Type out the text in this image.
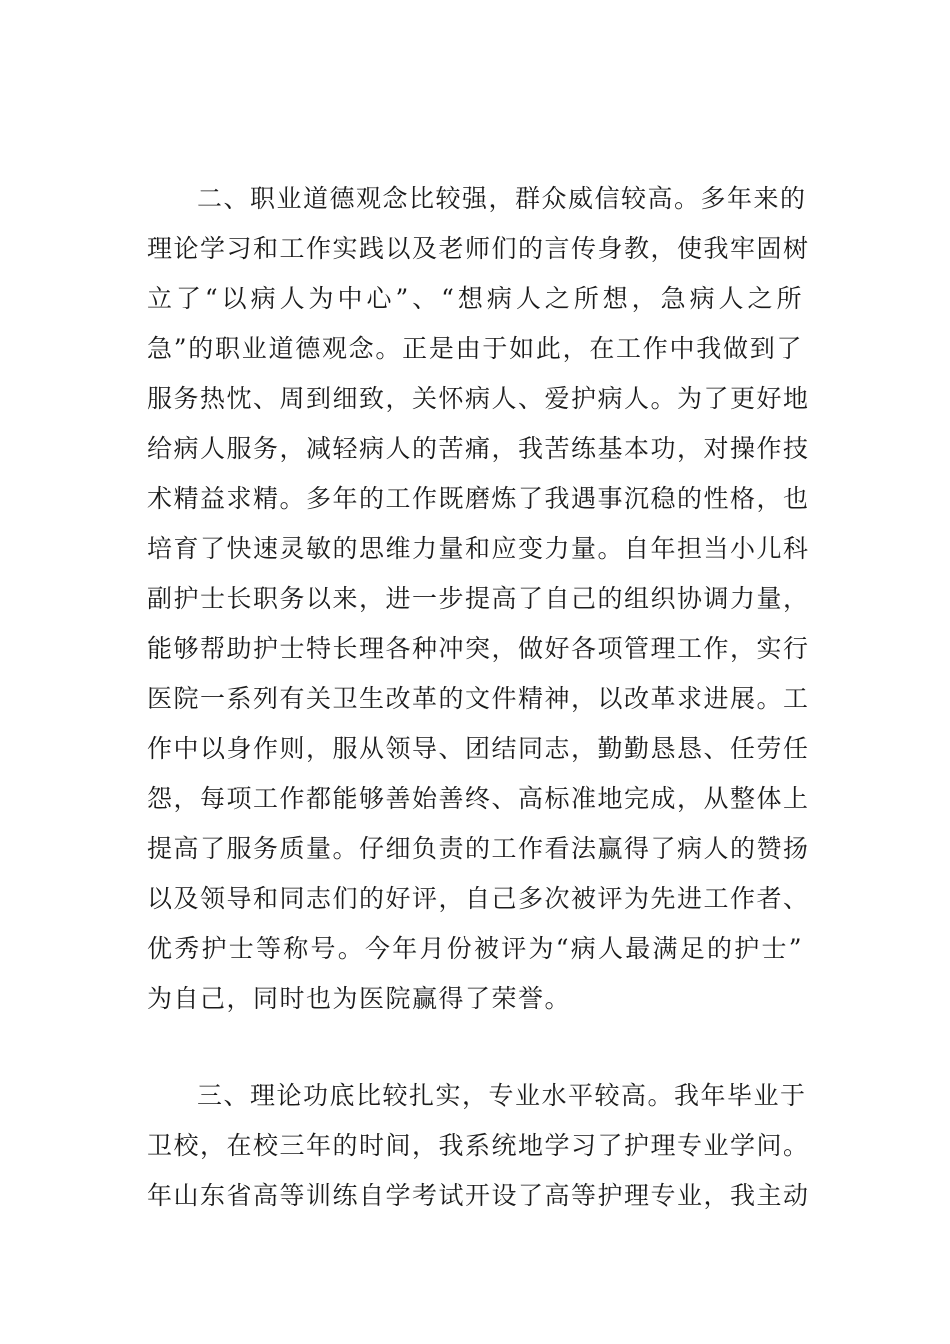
二、职业道德观念比较强，群众威信较高。多年来的
理论学习和工作实践以及老师们的言传身教，使我牢固树
立了“以病人为中心”、“想病人之所想，急病人之所
急”的职业道德观念。正是由于如此，在工作中我做到了
服务热忱、周到细致，关怀病人、爱护病人。为了更好地
给病人服务，减轻病人的苦痛，我苦练基本功，对操作技
术精益求精。多年的工作既磨炼了我遇事沉稳的性格，也
培育了快速灵敏的思维力量和应变力量。自年担当小儿科
副护士长职务以来，进一步提高了自己的组织协调力量，
能够帮助护士特长理各种冲突，做好各项管理工作，实行
医院一系列有关卫生改革的文件精神，以改革求进展。工
作中以身作则，服从领导、团结同志，勤勤恳恳、任劳任
怨，每项工作都能够善始善终、高标准地完成，从整体上
提高了服务质量。仔细负责的工作看法赢得了病人的赞扬
以及领导和同志们的好评，自己多次被评为先进工作者、
优秀护士等称号。今年月份被评为“病人最满足的护士”
为自己，同时也为医院赢得了荣誉。
三、理论功底比较扎实，专业水平较高。我年毕业于
卫校，在校三年的时间，我系统地学习了护理专业学问。
年山东省高等训练自学考试开设了高等护理专业，我主动
